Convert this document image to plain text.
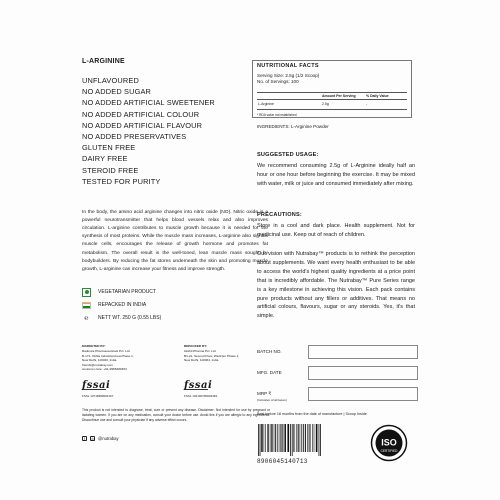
L-ARGININE
UNFLAVOURED
NO ADDED SUGAR
NO ADDED ARTIFICIAL SWEETENER
NO ADDED ARTIFICIAL COLOUR
NO ADDED ARTIFICIAL FLAVOUR
NO ADDED PRESERVATIVES
GLUTEN FREE
DAIRY FREE
STEROID FREE
TESTED FOR PURITY

In the body, the amino acid arginine changes into nitric oxide (NO). Nitric oxide is a powerful neurotransmitter that helps blood vessels relax and also improves circulation. L-arginine contributes to muscle growth because it is needed for the synthesis of most proteins. While the muscle mass increases, L-arginine also signals muscle cells, encourages the release of growth hormone and promotes fat metabolism. The overall result is the well-toned, lean muscle mass sought by bodybuilders. By reducing the fat stores underneath the skin and promoting muscle growth, L-arginine can increase your fitness and improve strength.

VEGETARIAN PRODUCT
REPACKED IN INDIA
℮	NETT WT. 250 G (0.55 LBS)
MARKETED BY:
Radicura Pharmaceuticals Pvt. Ltd.
B-171, Okhla Industrial Area Phase 1,
New Delhi, 110020, India
friends@nutrabay.com
customer care: +91-9958480453
REPACKED BY:
Akshit Pharma Pvt. Ltd.
B1-21, Second Floor, Wazirpur Phase 1,
New Delhi, 110064, India
fssai
FSSL 13718999001167
fssai
FSSL 133190790004381

This product is not intended to diagnose, treat, cure or prevent any disease. Disclaimer: Not intended for use by pregnant or lactating women. If you are on any medication, consult your doctor before use. Avoid this if you are allergic to any ingredients. Discontinue use and consult your physician if any adverse effect occurs.

f	◎ @nutrabay
NUTRITIONAL FACTS
Serving Size: 2.5g (1/2 Scoop)
No. of Servings: 100
	Amount Per Serving	% Daily Value
L-Arginine	2.5g	-
* RDA value not established
INGREDIENTS: L-Arginine Powder
SUGGESTED USAGE:

We recommend consuming 2.5g of L-Arginine ideally half an hour or one hour before beginning the exercise. It may be mixed with water, milk or juice and consumed immediately after mixing.

PRECAUTIONS:

Store in a cool and dark place. Health supplement. Not for medicinal use. Keep out of reach of children.

Our vision with Nutrabay™ products is to rethink the perception about supplements. We want every health enthusiast to be able to access the world's highest quality ingredients at a price point that is incredibly affordable. The Nutrabay™ Pure Series range is a key milestone in achieving this vision. Each pack contains pure products without any fillers or additives. That means no artificial colours, flavours, sugar or any steroids. Yes, it's that simple.

BATCH NO.
MFG. DATE
MRP ₹
(Inclusive of all taxes)
Best before 18 months from the date of manufacture | Scoop Inside
8906045140713
ISO
CERTIFIED
